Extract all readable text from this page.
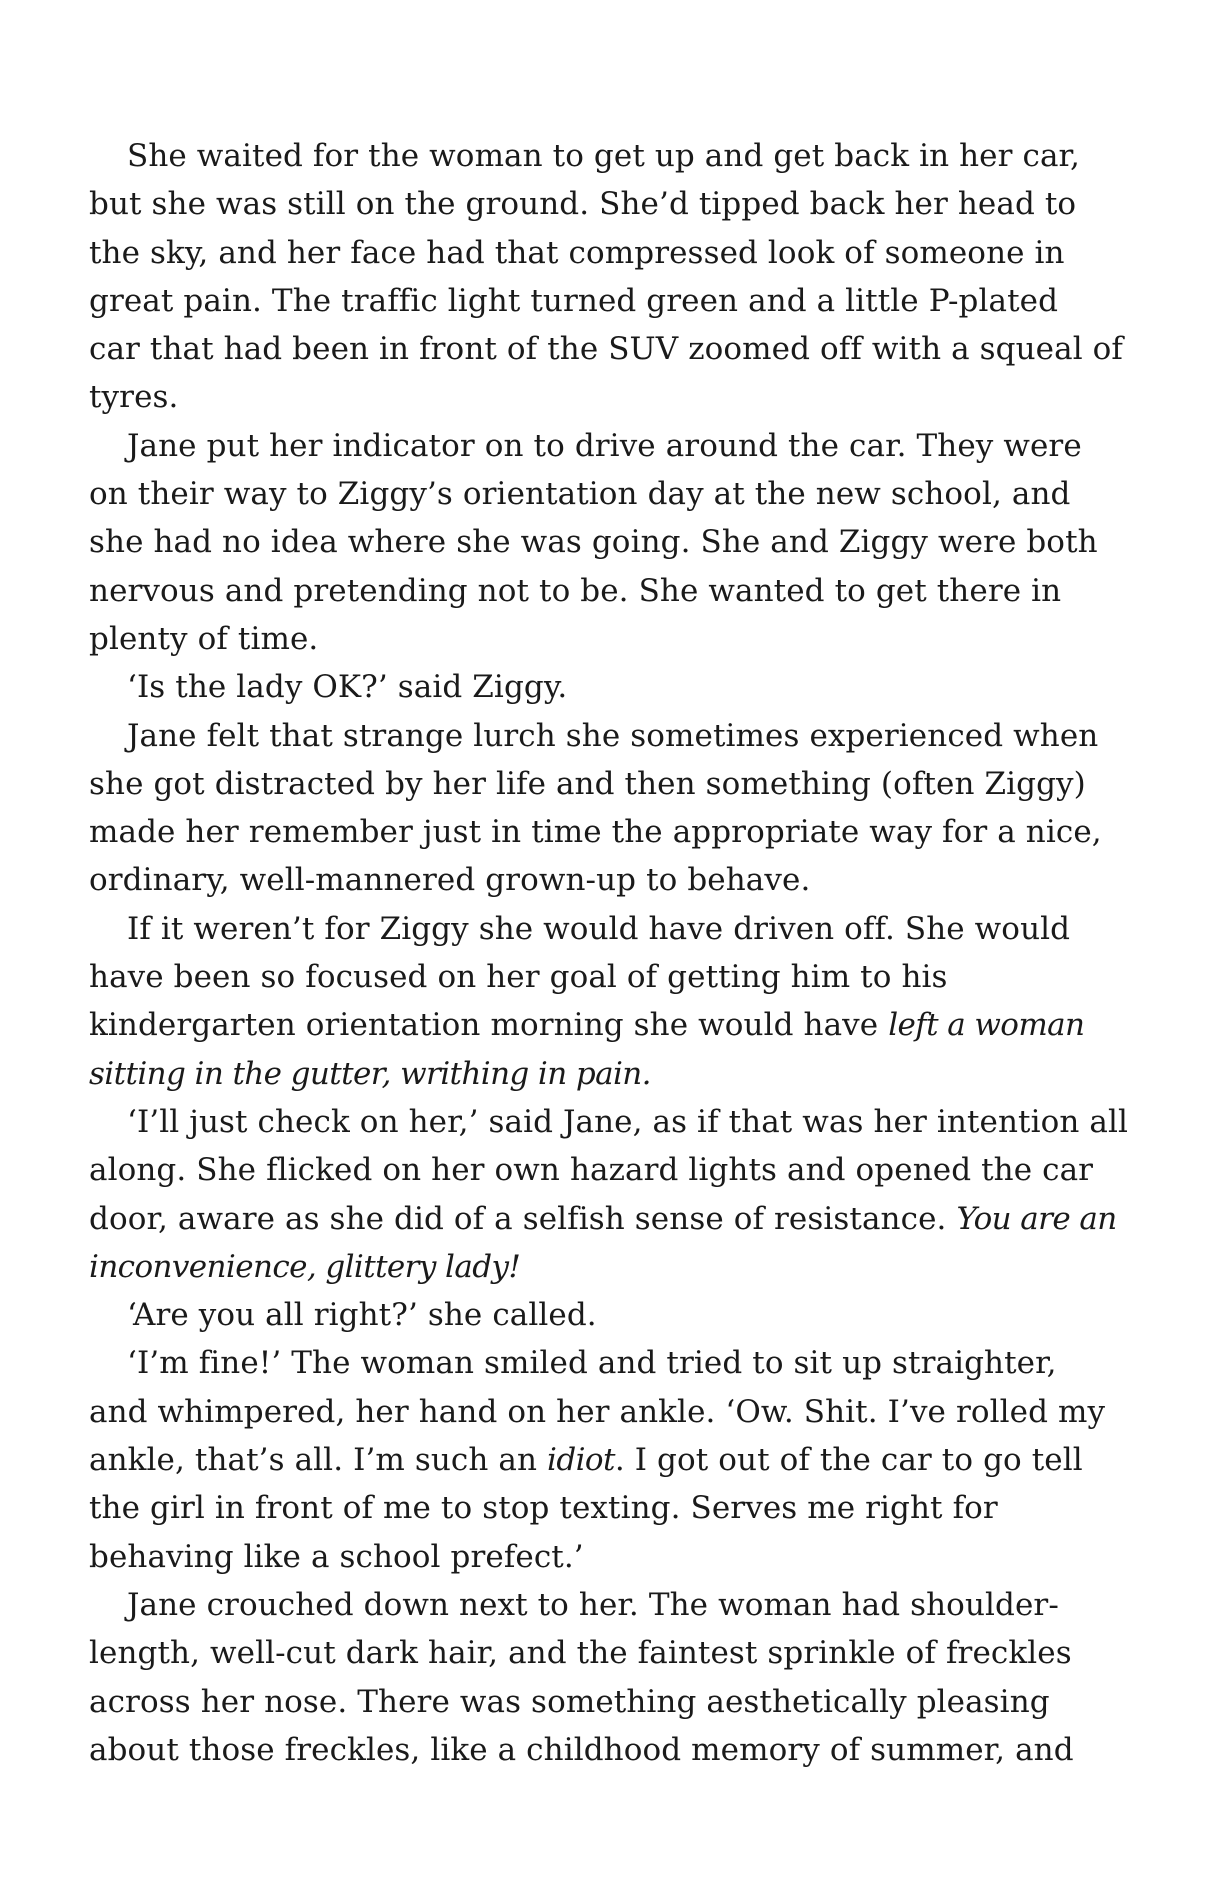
She waited for the woman to get up and get back in her car,
but she was still on the ground. She’d tipped back her head to
the sky, and her face had that compressed look of someone in
great pain. The traffic light turned green and a little P-plated
car that had been in front of the SUV zoomed off with a squeal of
tyres.

Jane put her indicator on to drive around the car. They were
on their way to Ziggy’s orientation day at the new school, and
she had no idea where she was going. She and Ziggy were both
nervous and pretending not to be. She wanted to get there in
plenty of time.

‘Is the lady OK?’ said Ziggy.

Jane felt that strange lurch she sometimes experienced when
she got distracted by her life and then something (often Ziggy)
made her remember just in time the appropriate way for a nice,
ordinary, well-mannered grown-up to behave.

If it weren’t for Ziggy she would have driven off. She would
have been so focused on her goal of getting him to his
kindergarten orientation morning she would have left a woman
sitting in the gutter, writhing in pain.

‘I’ll just check on her,’ said Jane, as if that was her intention all
along. She flicked on her own hazard lights and opened the car
door, aware as she did of a selfish sense of resistance. You are an
inconvenience, glittery lady!

‘Are you all right?’ she called.

‘I’m fine!’ The woman smiled and tried to sit up straighter,
and whimpered, her hand on her ankle. ‘Ow. Shit. I’ve rolled my
ankle, that’s all. I’m such an idiot. I got out of the car to go tell
the girl in front of me to stop texting. Serves me right for
behaving like a school prefect.’

Jane crouched down next to her. The woman had shoulder-
length, well-cut dark hair, and the faintest sprinkle of freckles
across her nose. There was something aesthetically pleasing
about those freckles, like a childhood memory of summer, and
